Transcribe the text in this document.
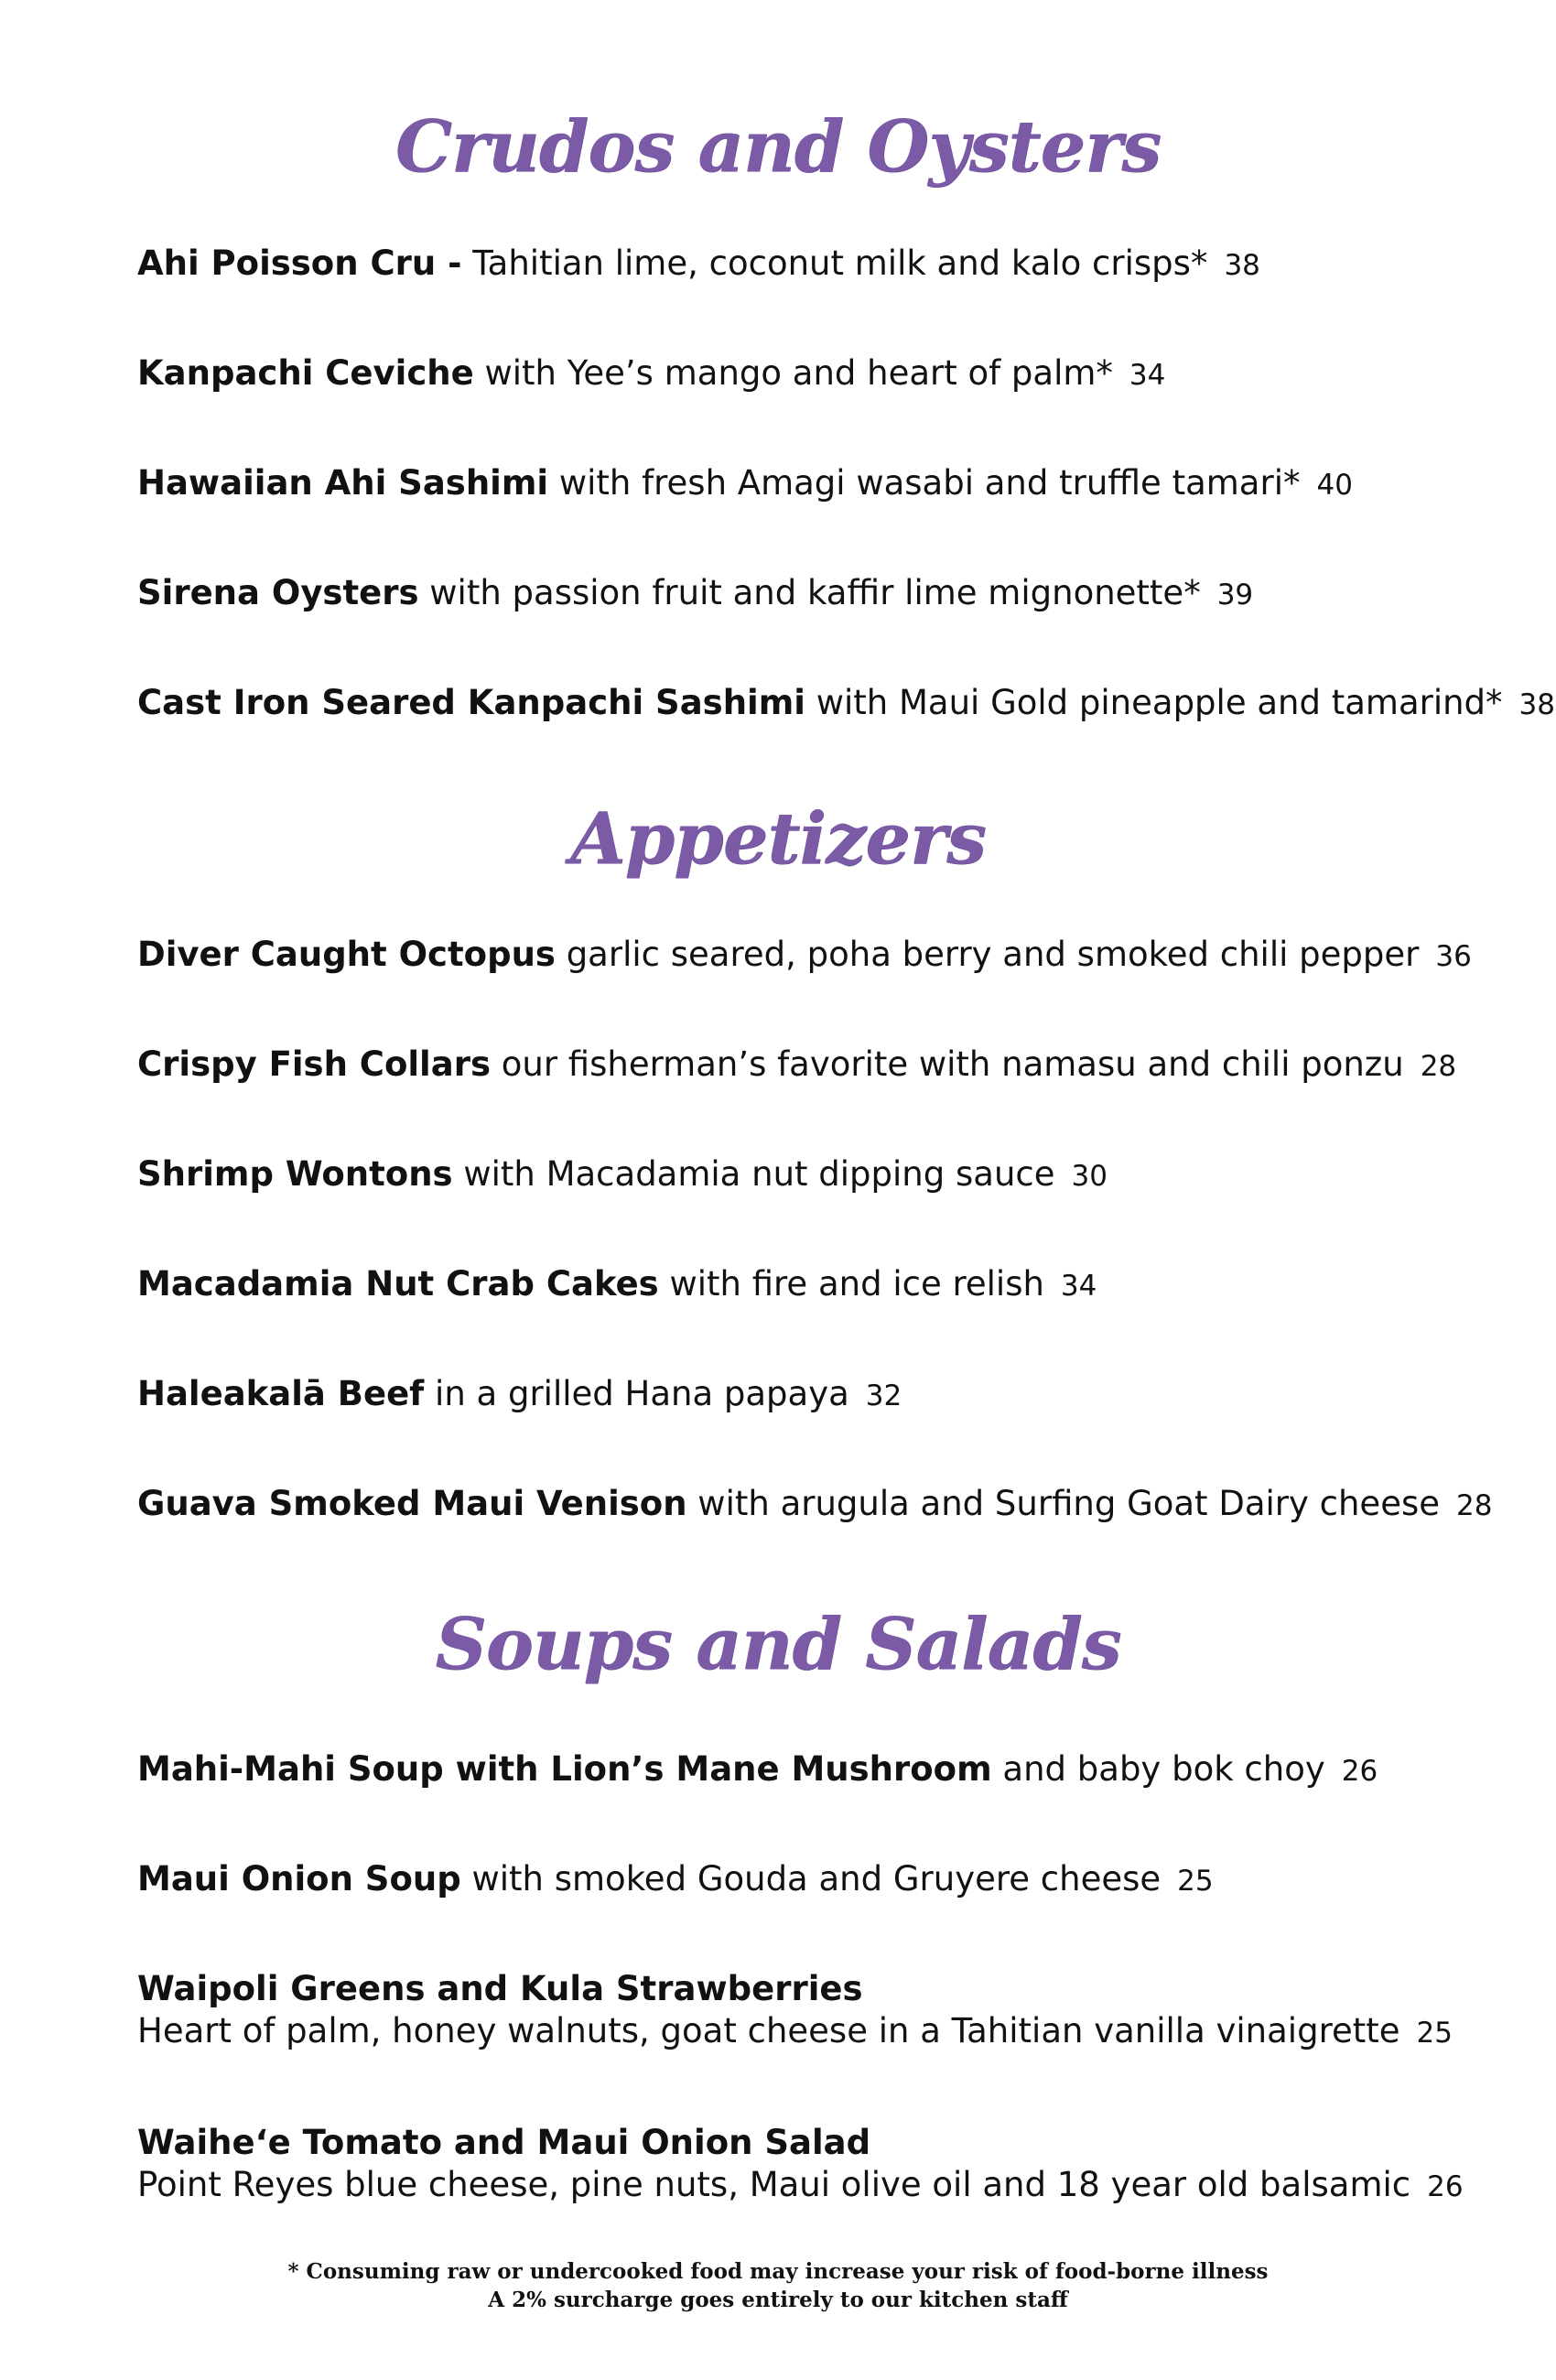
Crudos and Oysters
Ahi Poisson Cru - Tahitian lime, coconut milk and kalo crisps* 38
Kanpachi Ceviche with Yee’s mango and heart of palm* 34
Hawaiian Ahi Sashimi with fresh Amagi wasabi and truffle tamari* 40
Sirena Oysters with passion fruit and kaffir lime mignonette* 39
Cast Iron Seared Kanpachi Sashimi with Maui Gold pineapple and tamarind* 38
Appetizers
Diver Caught Octopus garlic seared, poha berry and smoked chili pepper 36
Crispy Fish Collars our fisherman’s favorite with namasu and chili ponzu 28
Shrimp Wontons with Macadamia nut dipping sauce 30
Macadamia Nut Crab Cakes with fire and ice relish 34
Haleakalā Beef in a grilled Hana papaya 32
Guava Smoked Maui Venison with arugula and Surfing Goat Dairy cheese 28
Soups and Salads
Mahi-Mahi Soup with Lion’s Mane Mushroom and baby bok choy 26
Maui Onion Soup with smoked Gouda and Gruyere cheese 25
Waipoli Greens and Kula Strawberries
Heart of palm, honey walnuts, goat cheese in a Tahitian vanilla vinaigrette 25
Waihe‘e Tomato and Maui Onion Salad
Point Reyes blue cheese, pine nuts, Maui olive oil and 18 year old balsamic 26
* Consuming raw or undercooked food may increase your risk of food-borne illness
A 2% surcharge goes entirely to our kitchen staff
